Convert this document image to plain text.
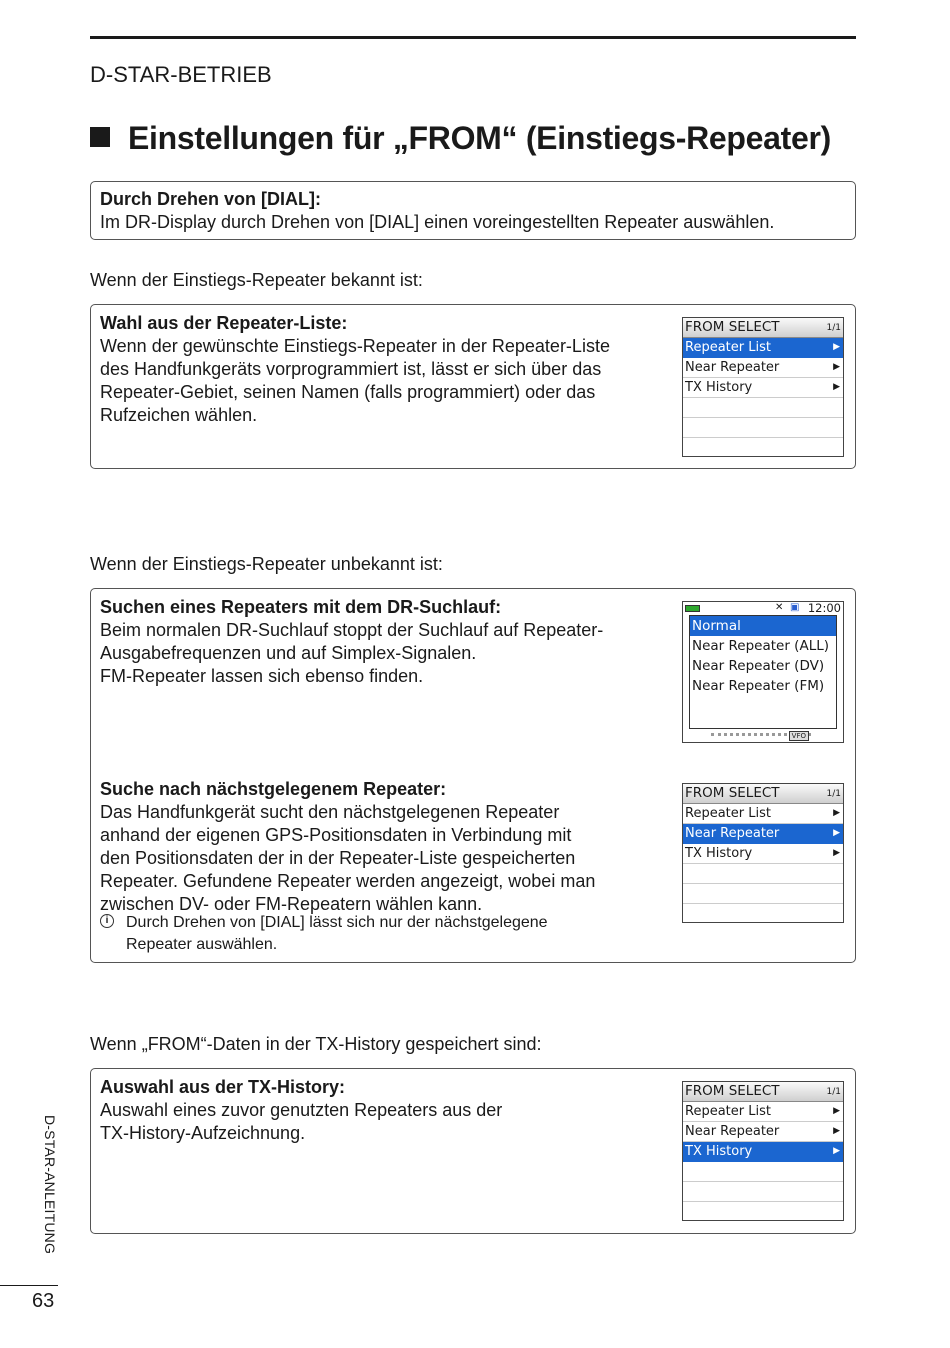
D-STAR-BETRIEB
Einstellungen für „FROM“ (Einstiegs-Repeater)
Durch Drehen von [DIAL]:
Im DR-Display durch Drehen von [DIAL] einen voreingestellten Repeater auswählen.
Wenn der Einstiegs-Repeater bekannt ist:
Wahl aus der Repeater-Liste:
Wenn der gewünschte Einstiegs-Repeater in der Repeater-Liste
des Handfunkgeräts vorprogrammiert ist, lässt er sich über das
Repeater-Gebiet, seinen Namen (falls programmiert) oder das
Rufzeichen wählen.
FROM SELECT	1/1
Repeater List	▶
Near Repeater	▶
TX History	▶
Wenn der Einstiegs-Repeater unbekannt ist:
Suchen eines Repeaters mit dem DR-Suchlauf:
Beim normalen DR-Suchlauf stoppt der Suchlauf auf Repeater-
Ausgabefrequenzen und auf Simplex-Signalen.
FM-Repeater lassen sich ebenso finden.
✕ ▣ 12:00
Normal
Near Repeater (ALL)
Near Repeater (DV)
Near Repeater (FM)
VFO
Suche nach nächstgelegenem Repeater:
Das Handfunkgerät sucht den nächstgelegenen Repeater
anhand der eigenen GPS-Positionsdaten in Verbindung mit
den Positionsdaten der in der Repeater-Liste gespeicherten
Repeater. Gefundene Repeater werden angezeigt, wobei man
zwischen DV- oder FM-Repeatern wählen kann.
i	Durch Drehen von [DIAL] lässt sich nur der nächstgelegene
Repeater auswählen.
FROM SELECT	1/1
Repeater List	▶
Near Repeater	▶
TX History	▶
Wenn „FROM“-Daten in der TX-History gespeichert sind:
Auswahl aus der TX-History:
Auswahl eines zuvor genutzten Repeaters aus der
TX-History-Aufzeichnung.
FROM SELECT	1/1
Repeater List	▶
Near Repeater	▶
TX History	▶
D-STAR-ANLEITUNG
63
